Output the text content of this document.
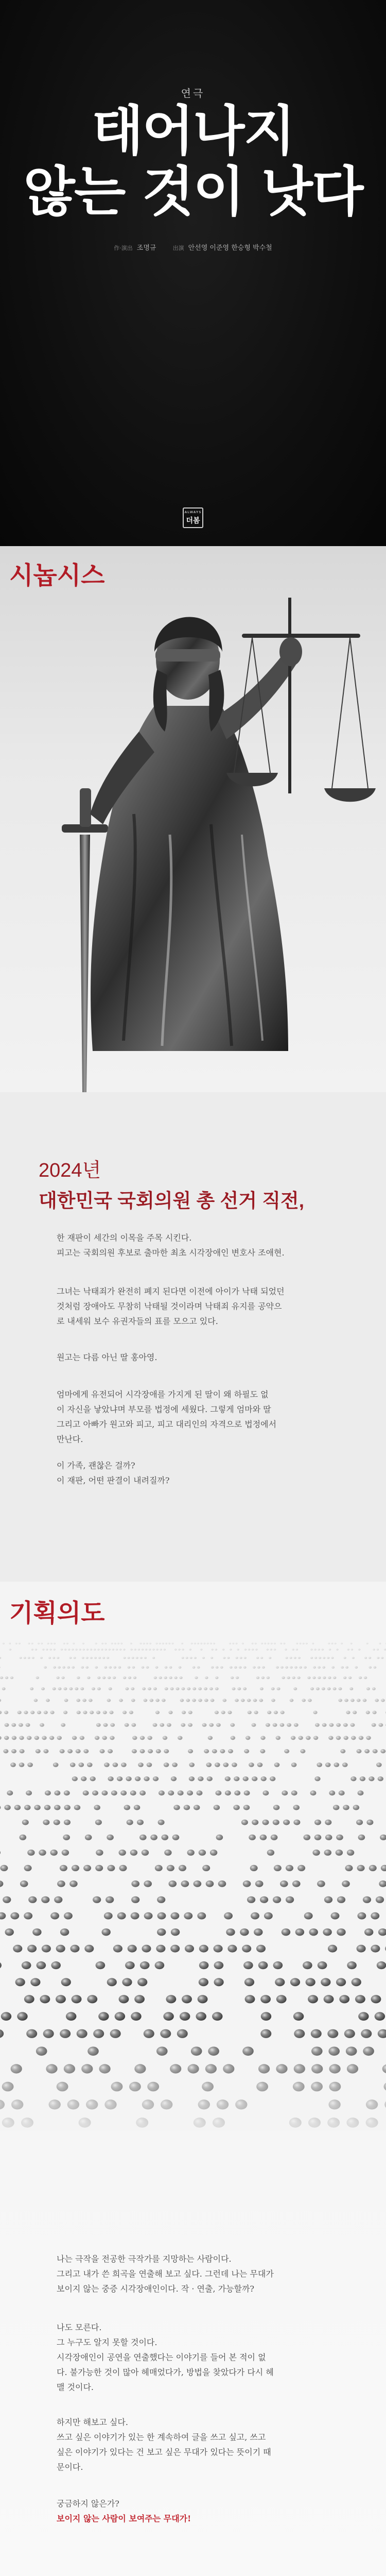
연극
태어나지
않는 것이 낫다
作·演出 조명규	出演 안선영 이준영 한승형 박수철
ALWAYS
더봄
시놉시스
2024년
대한민국 국회의원 총 선거 직전,
한 재판이 세간의 이목을 주목 시킨다.
피고는 국회의원 후보로 출마한 최초 시각장애인 변호사 조애현.
그녀는 낙태죄가 완전히 폐지 된다면 이전에 아이가 낙태 되었던
것처럼 장애아도 무참히 낙태될 것이라며 낙태죄 유지를 공약으
로 내세워 보수 유권자들의 표를 모으고 있다.
원고는 다름 아닌 딸 홍아영.
엄마에게 유전되어 시각장애를 가지게 된 딸이 왜 하필도 없
이 자신을 낳았냐며 부모를 법정에 세웠다. 그렇게 엄마와 딸
그리고 아빠가 원고와 피고, 피고 대리인의 자격으로 법정에서
만난다.
이 가족, 괜찮은 걸까?
이 재판, 어떤 판결이 내려질까?
기획의도
나는 극작을 전공한 극작가를 지망하는 사람이다.
그리고 내가 쓴 희곡을 연출해 보고 싶다. 그런데 나는 무대가
보이지 않는 중증 시각장애인이다. 작 · 연출, 가능할까?
나도 모른다.
그 누구도 알지 못할 것이다.
시각장애인이 공연을 연출했다는 이야기를 들어 본 적이 없
다. 불가능한 것이 많아 헤매었다가, 방법을 찾았다가 다시 헤
맬 것이다.
하지만 해보고 싶다.
쓰고 싶은 이야기가 있는 한 계속하여 글을 쓰고 싶고, 쓰고
싶은 이야기가 있다는 건 보고 싶은 무대가 있다는 뜻이기 때
문이다.
궁금하지 않은가?
보이지 않는 사람이 보여주는 무대가!
